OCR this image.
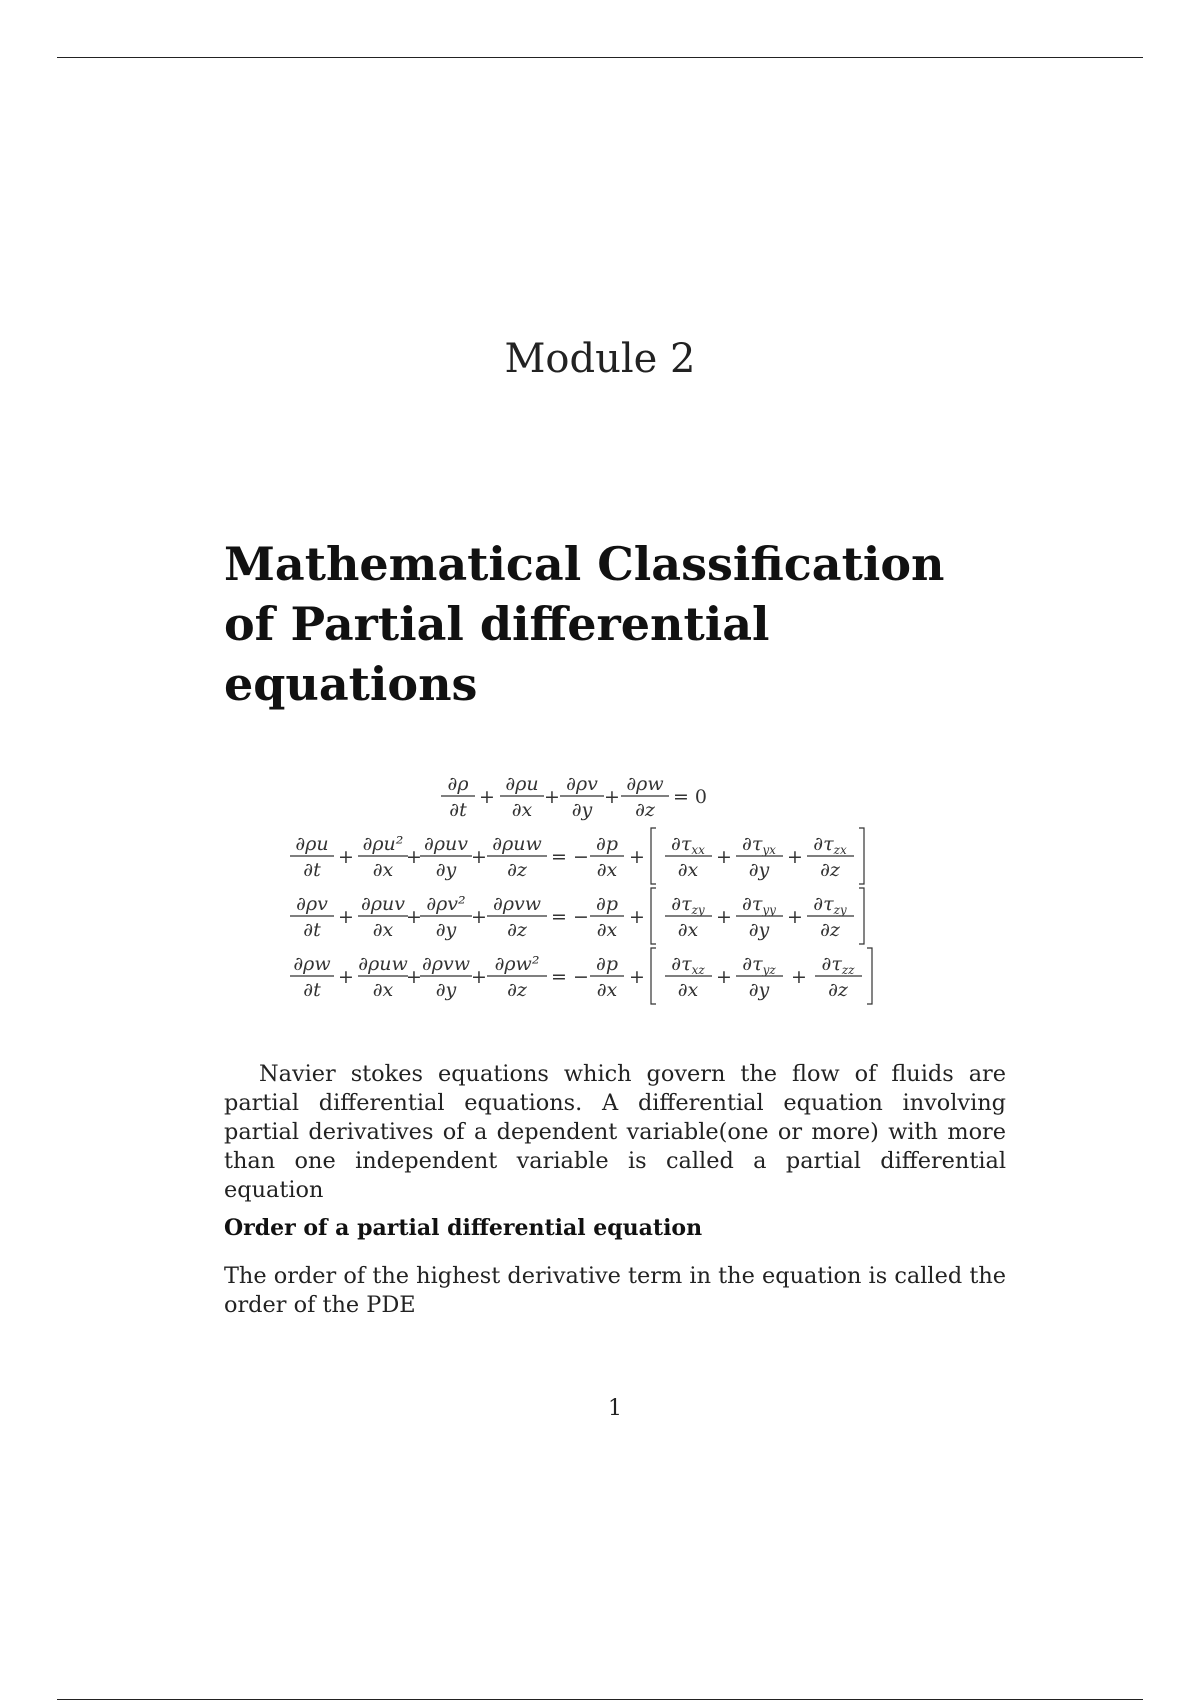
Module 2
Mathematical Classification of Partial differential equations
∂ρ
∂t
∂ρu
∂x
∂ρv
∂y
∂ρw
∂z
∂ρu
∂t
∂ρu²
∂x
∂ρuv
∂y
∂ρuw
∂z
∂p
∂x
$\partial\tau_{xx}$
∂x
$\partial\tau_{yx}$
∂y
$\partial\tau_{zx}$
∂z
∂ρv
∂t
∂ρuv
∂x
∂ρv²
∂y
∂ρvw
∂z
∂p
∂x
$\partial\tau_{zy}$
∂x
$\partial\tau_{yy}$
∂y
$\partial\tau_{zy}$
∂z
∂ρw
∂t
∂ρuw
∂x
∂ρvw
∂y
∂ρw²
∂z
∂p
∂x
$\partial\tau_{xz}$
∂x
$\partial\tau_{yz}$
∂y
$\partial\tau_{zz}$
∂z
+	+ +	= 0
+	+	+	= − +	+	+
+	+	+	= − +	+	+
+	+	+	= − +	+	+

Navier stokes equations which govern the flow of fluids are partial differential equations. A differential equation involving partial derivatives of a dependent variable(one or more) with more than one independent variable is called a partial differential equation

Order of a partial differential equation

The order of the highest derivative term in the equation is called the order of the PDE

1
